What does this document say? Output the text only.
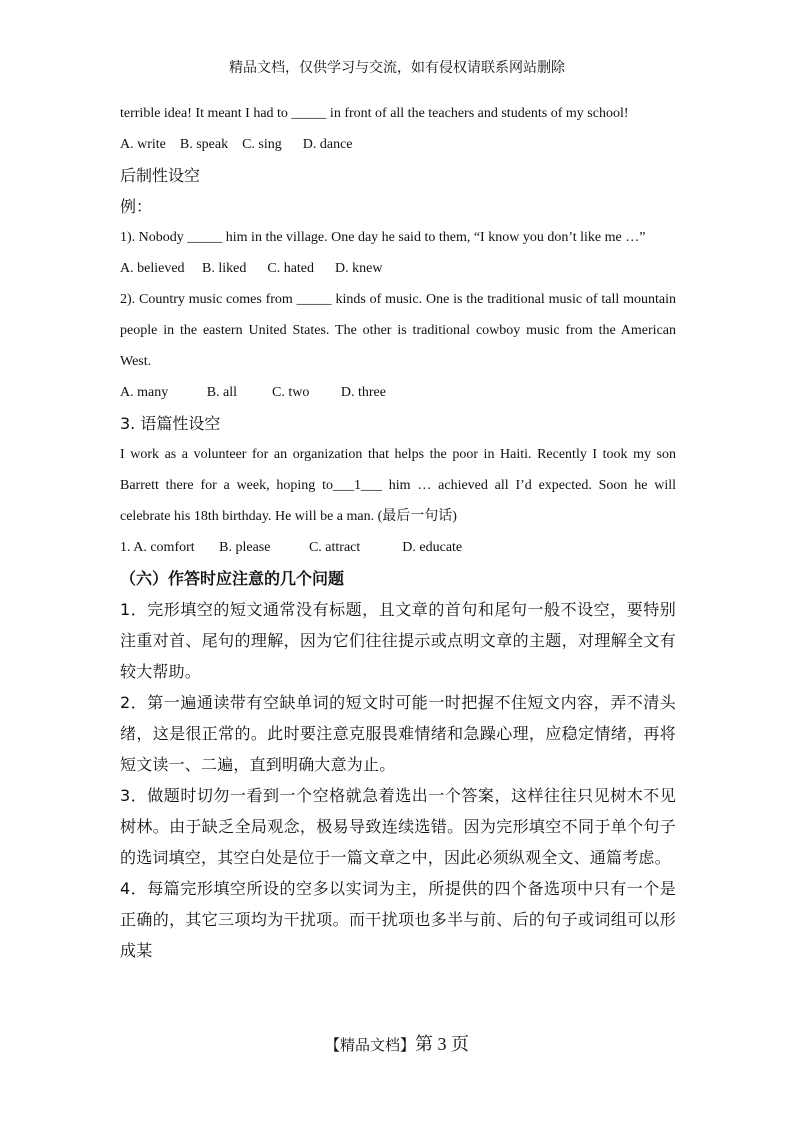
精品文档，仅供学习与交流，如有侵权请联系网站删除

terrible idea! It meant I had to _____ in front of all the teachers and students of my school!

A. write    B. speak    C. sing      D. dance

后制性设空

例：

1). Nobody _____ him in the village. One day he said to them, “I know you don’t like me …”

A. believed     B. liked      C. hated      D. knew

2). Country music comes from _____ kinds of music. One is the traditional music of tall mountain people in the eastern United States. The other is traditional cowboy music from the American West.

A. many           B. all          C. two         D. three

3. 语篇性设空

I work as a volunteer for an organization that helps the poor in Haiti. Recently I took my son Barrett there for a week, hoping to___1___ him … achieved all I’d expected. Soon he will celebrate his 18th birthday. He will be a man. (最后一句话)

1. A. comfort       B. please           C. attract            D. educate

（六）作答时应注意的几个问题

1．完形填空的短文通常没有标题，且文章的首句和尾句一般不设空，要特别注重对首、尾句的理解，因为它们往往提示或点明文章的主题，对理解全文有较大帮助。

2．第一遍通读带有空缺单词的短文时可能一时把握不住短文内容，弄不清头绪，这是很正常的。此时要注意克服畏难情绪和急躁心理，应稳定情绪，再将短文读一、二遍，直到明确大意为止。

3．做题时切勿一看到一个空格就急着选出一个答案，这样往往只见树木不见树林。由于缺乏全局观念，极易导致连续选错。因为完形填空不同于单个句子的选词填空，其空白处是位于一篇文章之中，因此必须纵观全文、通篇考虑。

4．每篇完形填空所设的空多以实词为主，所提供的四个备选项中只有一个是正确的，其它三项均为干扰项。而干扰项也多半与前、后的句子或词组可以形成某

【精品文档】第 3 页
